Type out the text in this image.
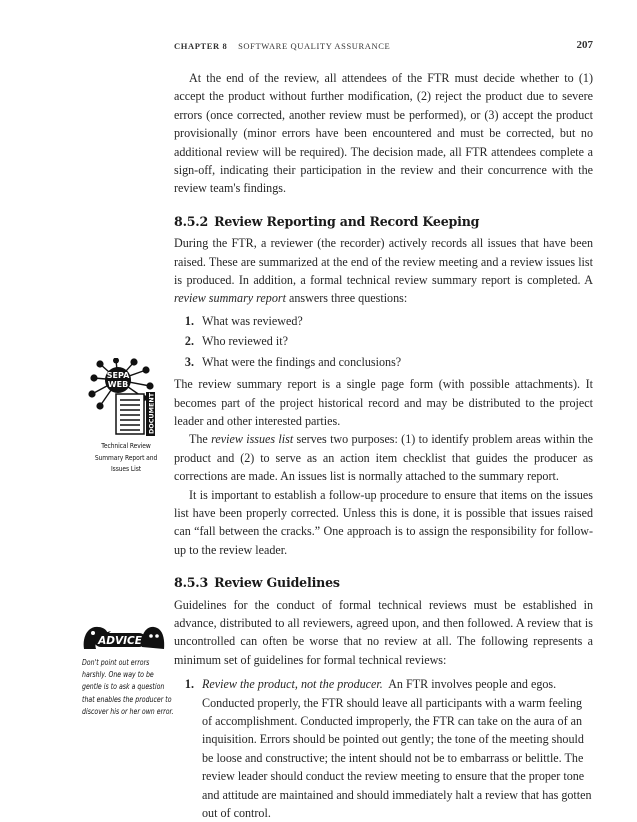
CHAPTER 8 SOFTWARE QUALITY ASSURANCE	207

At the end of the review, all attendees of the FTR must decide whether to (1) accept the product without further modification, (2) reject the product due to severe errors (once corrected, another review must be performed), or (3) accept the product provisionally (minor errors have been encountered and must be corrected, but no additional review will be required). The decision made, all FTR attendees complete a sign-off, indicating their participation in the review and their concurrence with the review team's findings.

8.5.2 Review Reporting and Record Keeping

During the FTR, a reviewer (the recorder) actively records all issues that have been raised. These are summarized at the end of the review meeting and a review issues list is produced. In addition, a formal technical review summary report is completed. A review summary report answers three questions:

1. What was reviewed?
2. Who reviewed it?
3. What were the findings and conclusions?

The review summary report is a single page form (with possible attachments). It becomes part of the project historical record and may be distributed to the project leader and other interested parties.

The review issues list serves two purposes: (1) to identify problem areas within the product and (2) to serve as an action item checklist that guides the producer as corrections are made. An issues list is normally attached to the summary report.

It is important to establish a follow-up procedure to ensure that items on the issues list have been properly corrected. Unless this is done, it is possible that issues raised can “fall between the cracks.” One approach is to assign the responsibility for follow-up to the review leader.

8.5.3 Review Guidelines

Guidelines for the conduct of formal technical reviews must be established in advance, distributed to all reviewers, agreed upon, and then followed. A review that is uncontrolled can often be worse that no review at all. The following represents a minimum set of guidelines for formal technical reviews:

1. Review the product, not the producer.  An FTR involves people and egos. Conducted properly, the FTR should leave all participants with a warm feeling of accomplishment. Conducted improperly, the FTR can take on the aura of an inquisition. Errors should be pointed out gently; the tone of the meeting should be loose and constructive; the intent should not be to embarrass or belittle. The review leader should conduct the review meeting to ensure that the proper tone and attitude are maintained and should immediately halt a review that has gotten out of control.
SEPA
WEB
DOCUMENT
Technical Review Summary Report and Issues List
ADVICE
Don't point out errors harshly. One way to be gentle is to ask a question that enables the producer to discover his or her own error.
